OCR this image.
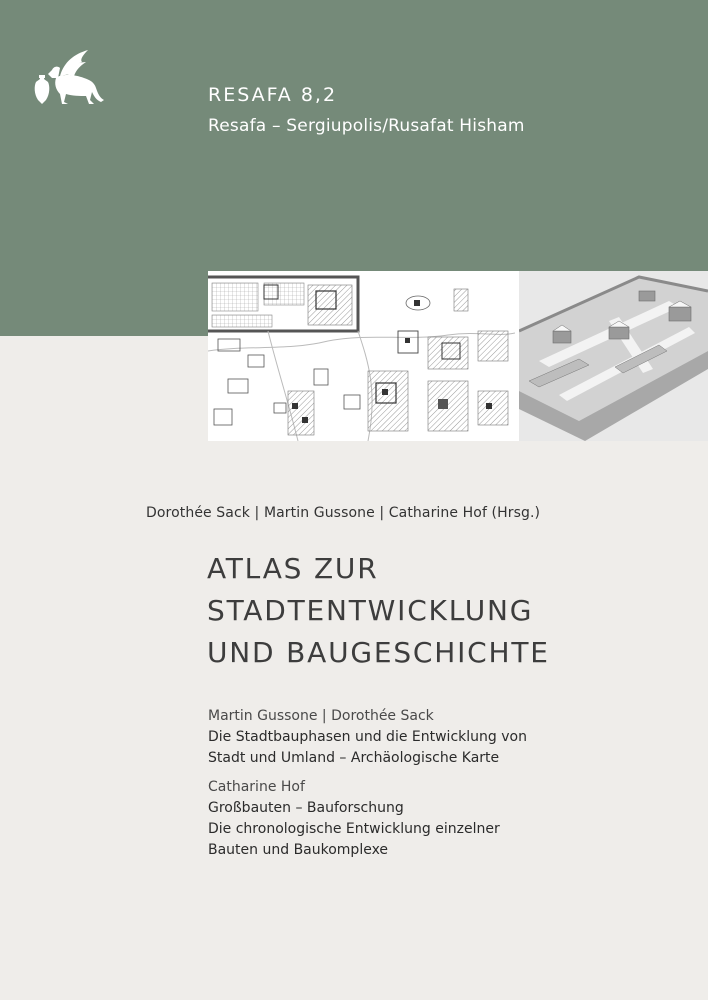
RESAFA 8,2
Resafa – Sergiupolis/Rusafat Hisham
Dorothée Sack | Martin Gussone | Catharine Hof (Hrsg.)
ATLAS ZUR
STADTENTWICKLUNG
UND BAUGESCHICHTE
Martin Gussone | Dorothée Sack
Die Stadtbauphasen und die Entwicklung von
Stadt und Umland – Archäologische Karte
Catharine Hof
Großbauten – Bauforschung
Die chronologische Entwicklung einzelner
Bauten und Baukomplexe
